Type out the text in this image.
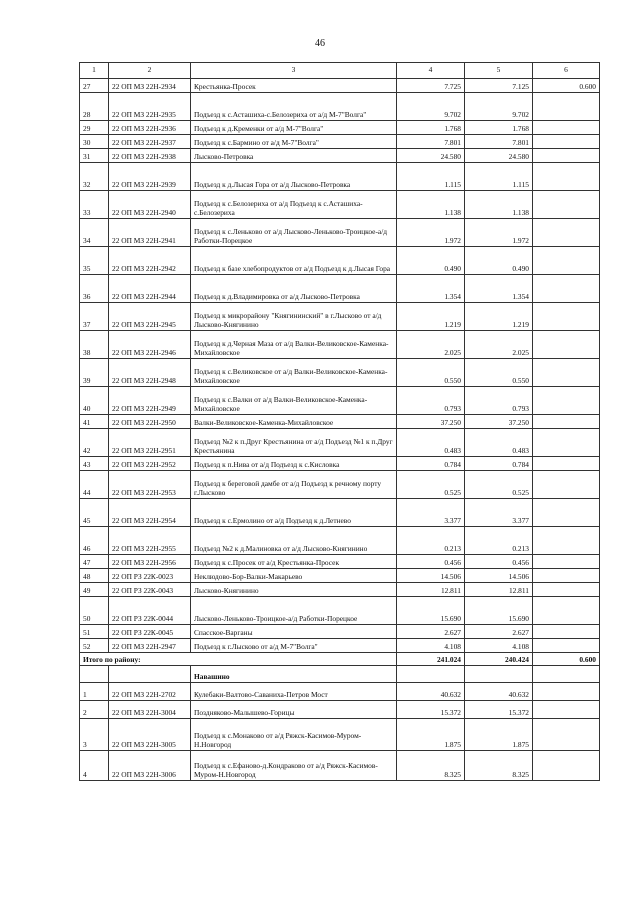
46
1	2	3	4	5	6
27	22 ОП МЗ 22Н-2934	Крестьянка-Просек	7.725	7.125	0.600
28	22 ОП МЗ 22Н-2935	Подъезд к с.Асташиха-с.Белозериха от а/д М-7"Волга"	9.702	9.702	
29	22 ОП МЗ 22Н-2936	Подъезд к д.Кременки от а/д М-7"Волга"	1.768	1.768	
30	22 ОП МЗ 22Н-2937	Подъезд к с.Бармино от а/д М-7"Волга"	7.801	7.801	
31	22 ОП МЗ 22Н-2938	Лысково-Петровка	24.580	24.580	
32	22 ОП МЗ 22Н-2939	Подъезд к д.Лысая Гора от а/д Лысково-Петровка	1.115	1.115	
33	22 ОП МЗ 22Н-2940	Подъезд к с.Белозериха от а/д Подъезд к с.Асташиха-с.Белозериха	1.138	1.138	
34	22 ОП МЗ 22Н-2941	Подъезд к с.Леньково от а/д Лысково-Леньково-Троицкое-а/д Работки-Порецкое	1.972	1.972	
35	22 ОП МЗ 22Н-2942	Подъезд к базе хлебопродуктов от а/д Подъезд к д.Лысая Гора	0.490	0.490	
36	22 ОП МЗ 22Н-2944	Подъезд к д.Владимировка от а/д Лысково-Петровка	1.354	1.354	
37	22 ОП МЗ 22Н-2945	Подъезд к микрорайону "Княгининский" в г.Лысково от а/д Лысково-Княгинино	1.219	1.219	
38	22 ОП МЗ 22Н-2946	Подъезд к д.Черная Маза от а/д Валки-Великовское-Каменка-Михайловское	2.025	2.025	
39	22 ОП МЗ 22Н-2948	Подъезд к с.Великовское от а/д Валки-Великовское-Каменка-Михайловское	0.550	0.550	
40	22 ОП МЗ 22Н-2949	Подъезд к с.Валки от а/д Валки-Великовское-Каменка-Михайловское	0.793	0.793	
41	22 ОП МЗ 22Н-2950	Валки-Великовское-Каменка-Михайловское	37.250	37.250	
42	22 ОП МЗ 22Н-2951	Подъезд №2 к п.Друг Крестьянина от а/д Подъезд №1 к п.Друг Крестьянина	0.483	0.483	
43	22 ОП МЗ 22Н-2952	Подъезд к п.Нива от а/д Подъезд к с.Кисловка	0.784	0.784	
44	22 ОП МЗ 22Н-2953	Подъезд к береговой дамбе от а/д Подъезд к речному порту г.Лысково	0.525	0.525	
45	22 ОП МЗ 22Н-2954	Подъезд к с.Ермолино от а/д Подъезд к д.Летнево	3.377	3.377	
46	22 ОП МЗ 22Н-2955	Подъезд №2 к д.Малиновка от а/д Лысково-Княгинино	0.213	0.213	
47	22 ОП МЗ 22Н-2956	Подъезд к с.Просек от а/д Крестьянка-Просек	0.456	0.456	
48	22 ОП РЗ 22К-0023	Неклюдово-Бор-Валки-Макарьево	14.506	14.506	
49	22 ОП РЗ 22К-0043	Лысково-Княгинино	12.811	12.811	
50	22 ОП РЗ 22К-0044	Лысково-Леньково-Троицкое-а/д Работки-Порецкое	15.690	15.690	
51	22 ОП РЗ 22К-0045	Спасское-Варганы	2.627	2.627	
52	22 ОП МЗ 22Н-2947	Подъезд к г.Лысково от а/д М-7"Волга"	4.108	4.108	
Итого по району:			241.024	240.424	0.600
		Навашино			
1	22 ОП МЗ 22Н-2702	Кулебаки-Валтово-Саваниха-Петров Мост	40.632	40.632	
2	22 ОП МЗ 22Н-3004	Поздняково-Малышево-Горицы	15.372	15.372	
3	22 ОП МЗ 22Н-3005	Подъезд к с.Монаково от а/д Ряжск-Касимов-Муром-Н.Новгород	1.875	1.875	
4	22 ОП МЗ 22Н-3006	Подъезд к с.Ефаново-д.Кондраково от а/д Ряжск-Касимов-Муром-Н.Новгород	8.325	8.325	
